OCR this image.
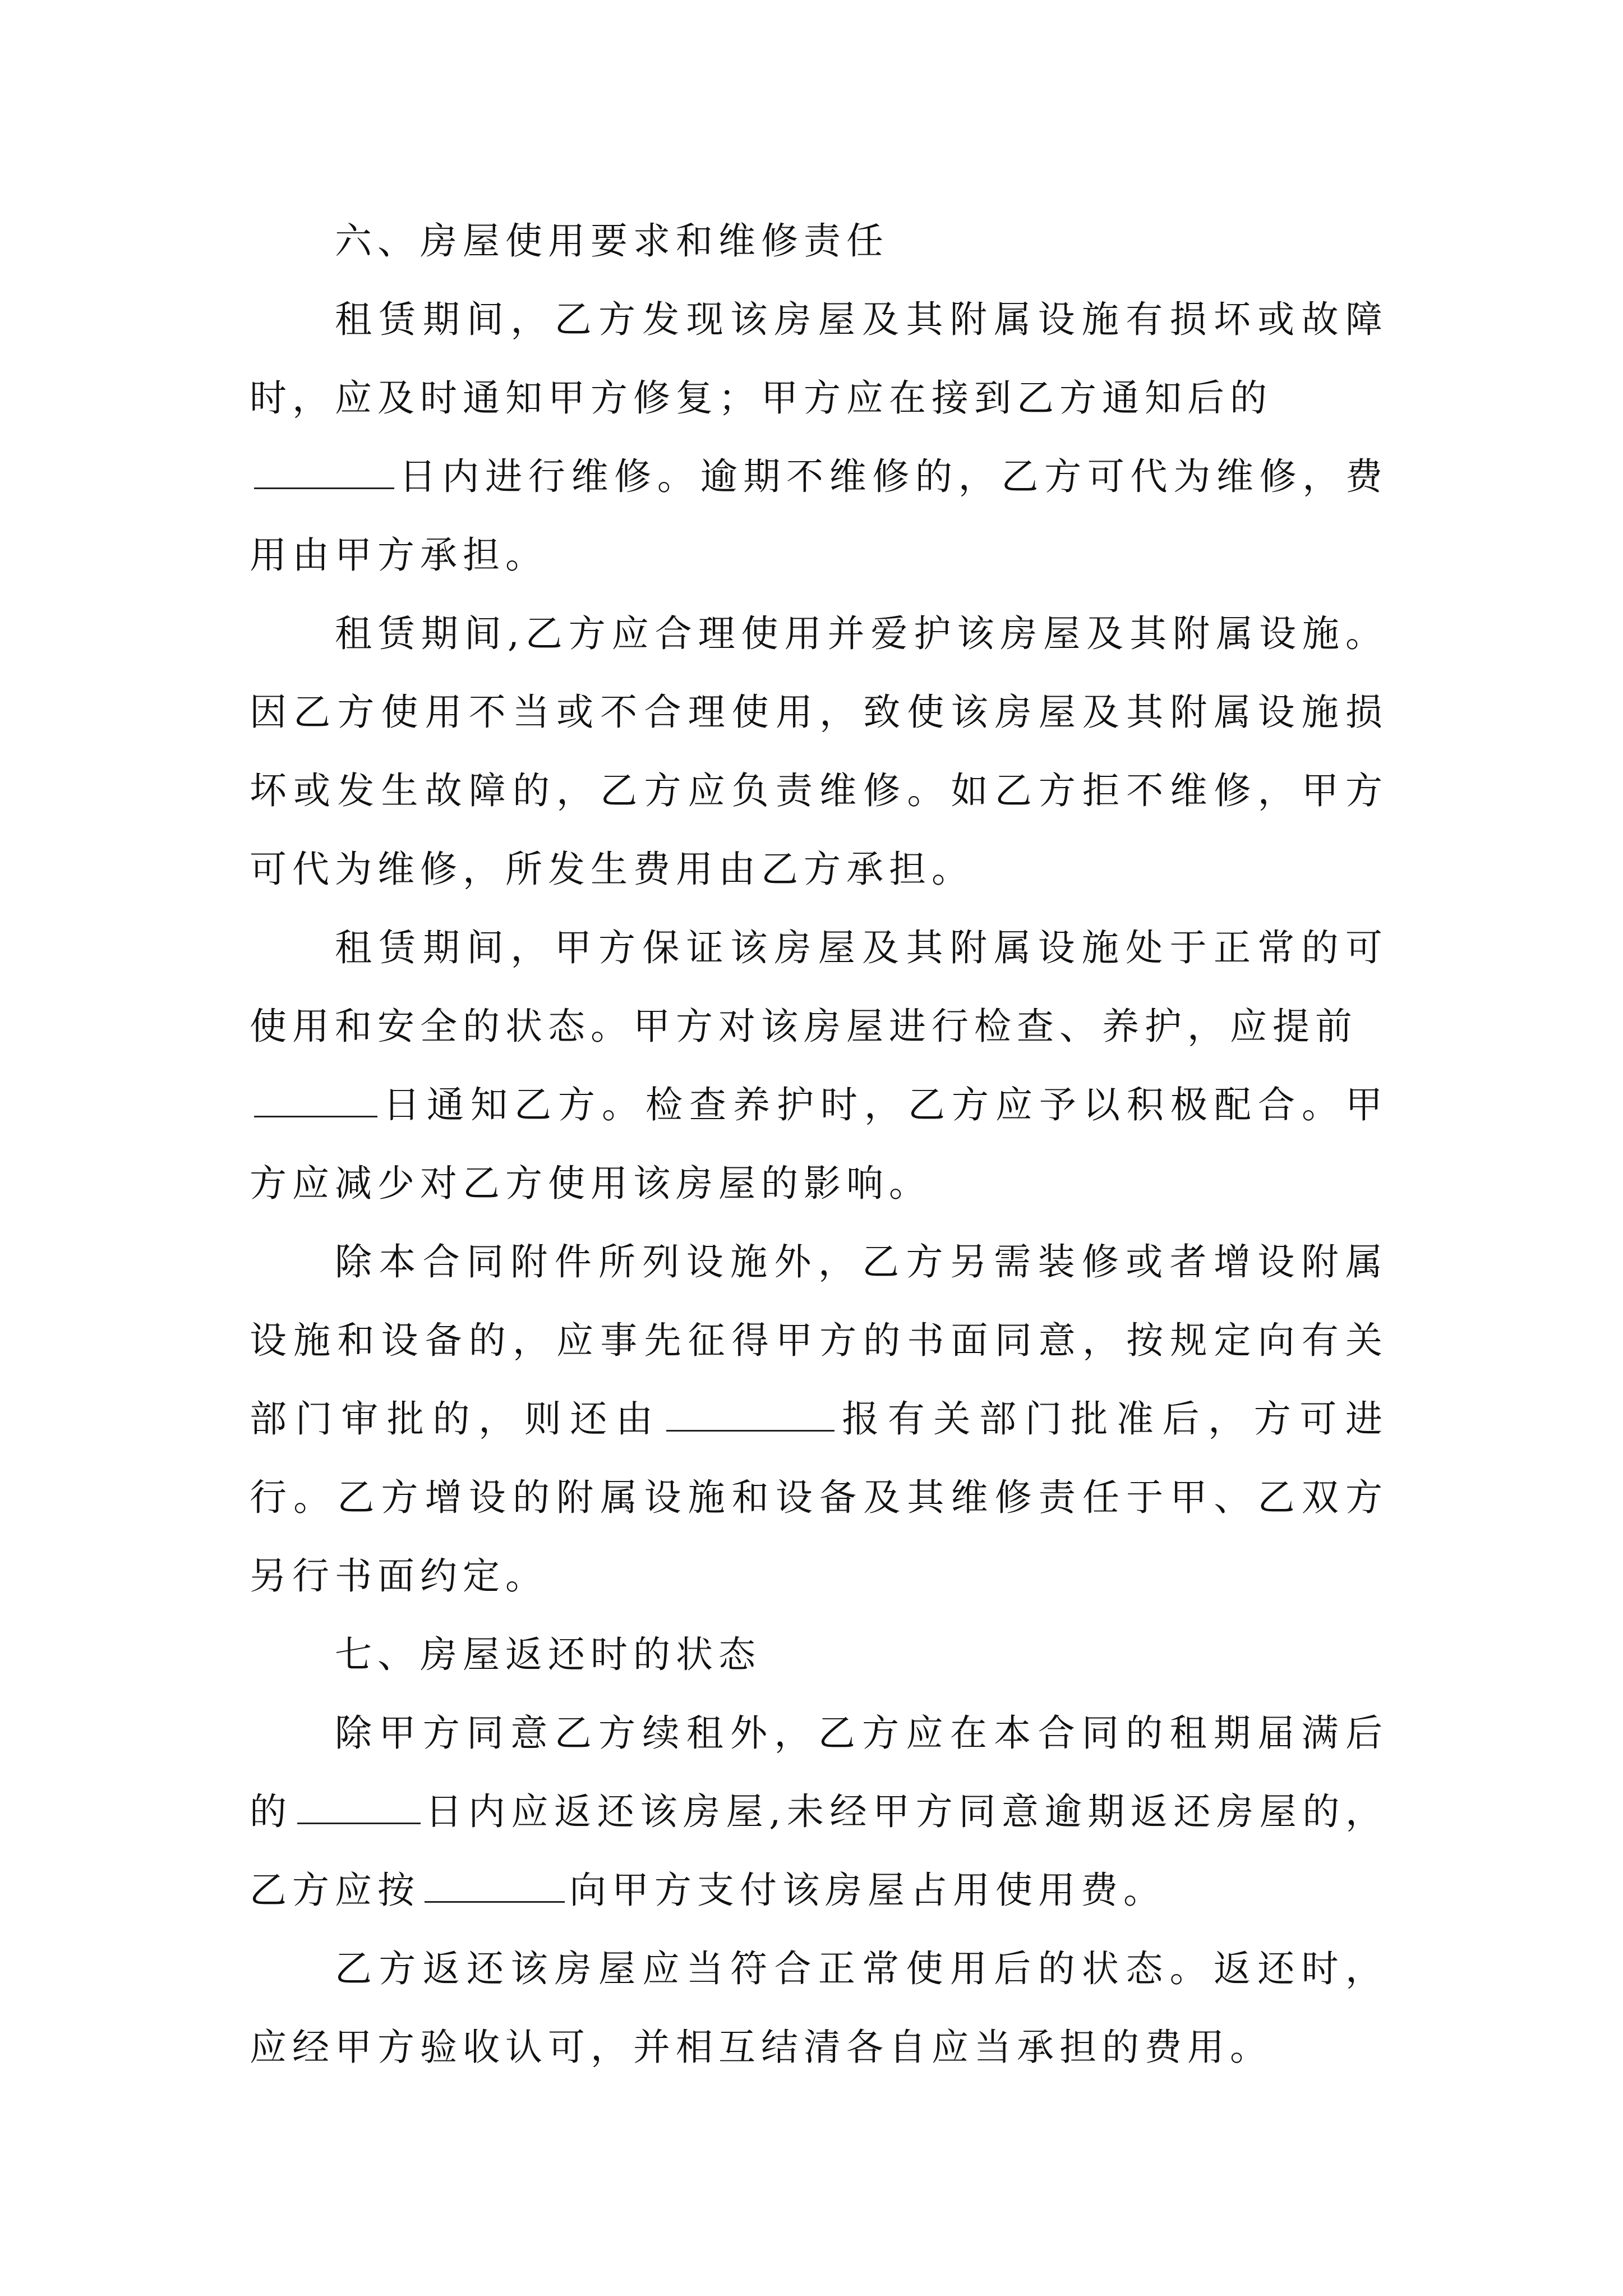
六、房屋使用要求和维修责任

租赁期间，乙方发现该房屋及其附属设施有损坏或故障时，应及时通知甲方修复；甲方应在接到乙方通知后的
日内进行维修。逾期不维修的，乙方可代为维修，费用由甲方承担。

租赁期间,乙方应合理使用并爱护该房屋及其附属设施。因乙方使用不当或不合理使用，致使该房屋及其附属设施损坏或发生故障的，乙方应负责维修。如乙方拒不维修，甲方可代为维修，所发生费用由乙方承担。

租赁期间，甲方保证该房屋及其附属设施处于正常的可使用和安全的状态。甲方对该房屋进行检查、养护，应提前
日通知乙方。检查养护时，乙方应予以积极配合。甲方应减少对乙方使用该房屋的影响。

除本合同附件所列设施外，乙方另需装修或者增设附属设施和设备的，应事先征得甲方的书面同意，按规定向有关部门审批的，则还由	报有关部门批准后，方可进行。乙方增设的附属设施和设备及其维修责任于甲、乙双方另行书面约定。

七、房屋返还时的状态

除甲方同意乙方续租外，乙方应在本合同的租期届满后的	日内应返还该房屋,未经甲方同意逾期返还房屋的，乙方应按	向甲方支付该房屋占用使用费。

乙方返还该房屋应当符合正常使用后的状态。返还时，应经甲方验收认可，并相互结清各自应当承担的费用。
